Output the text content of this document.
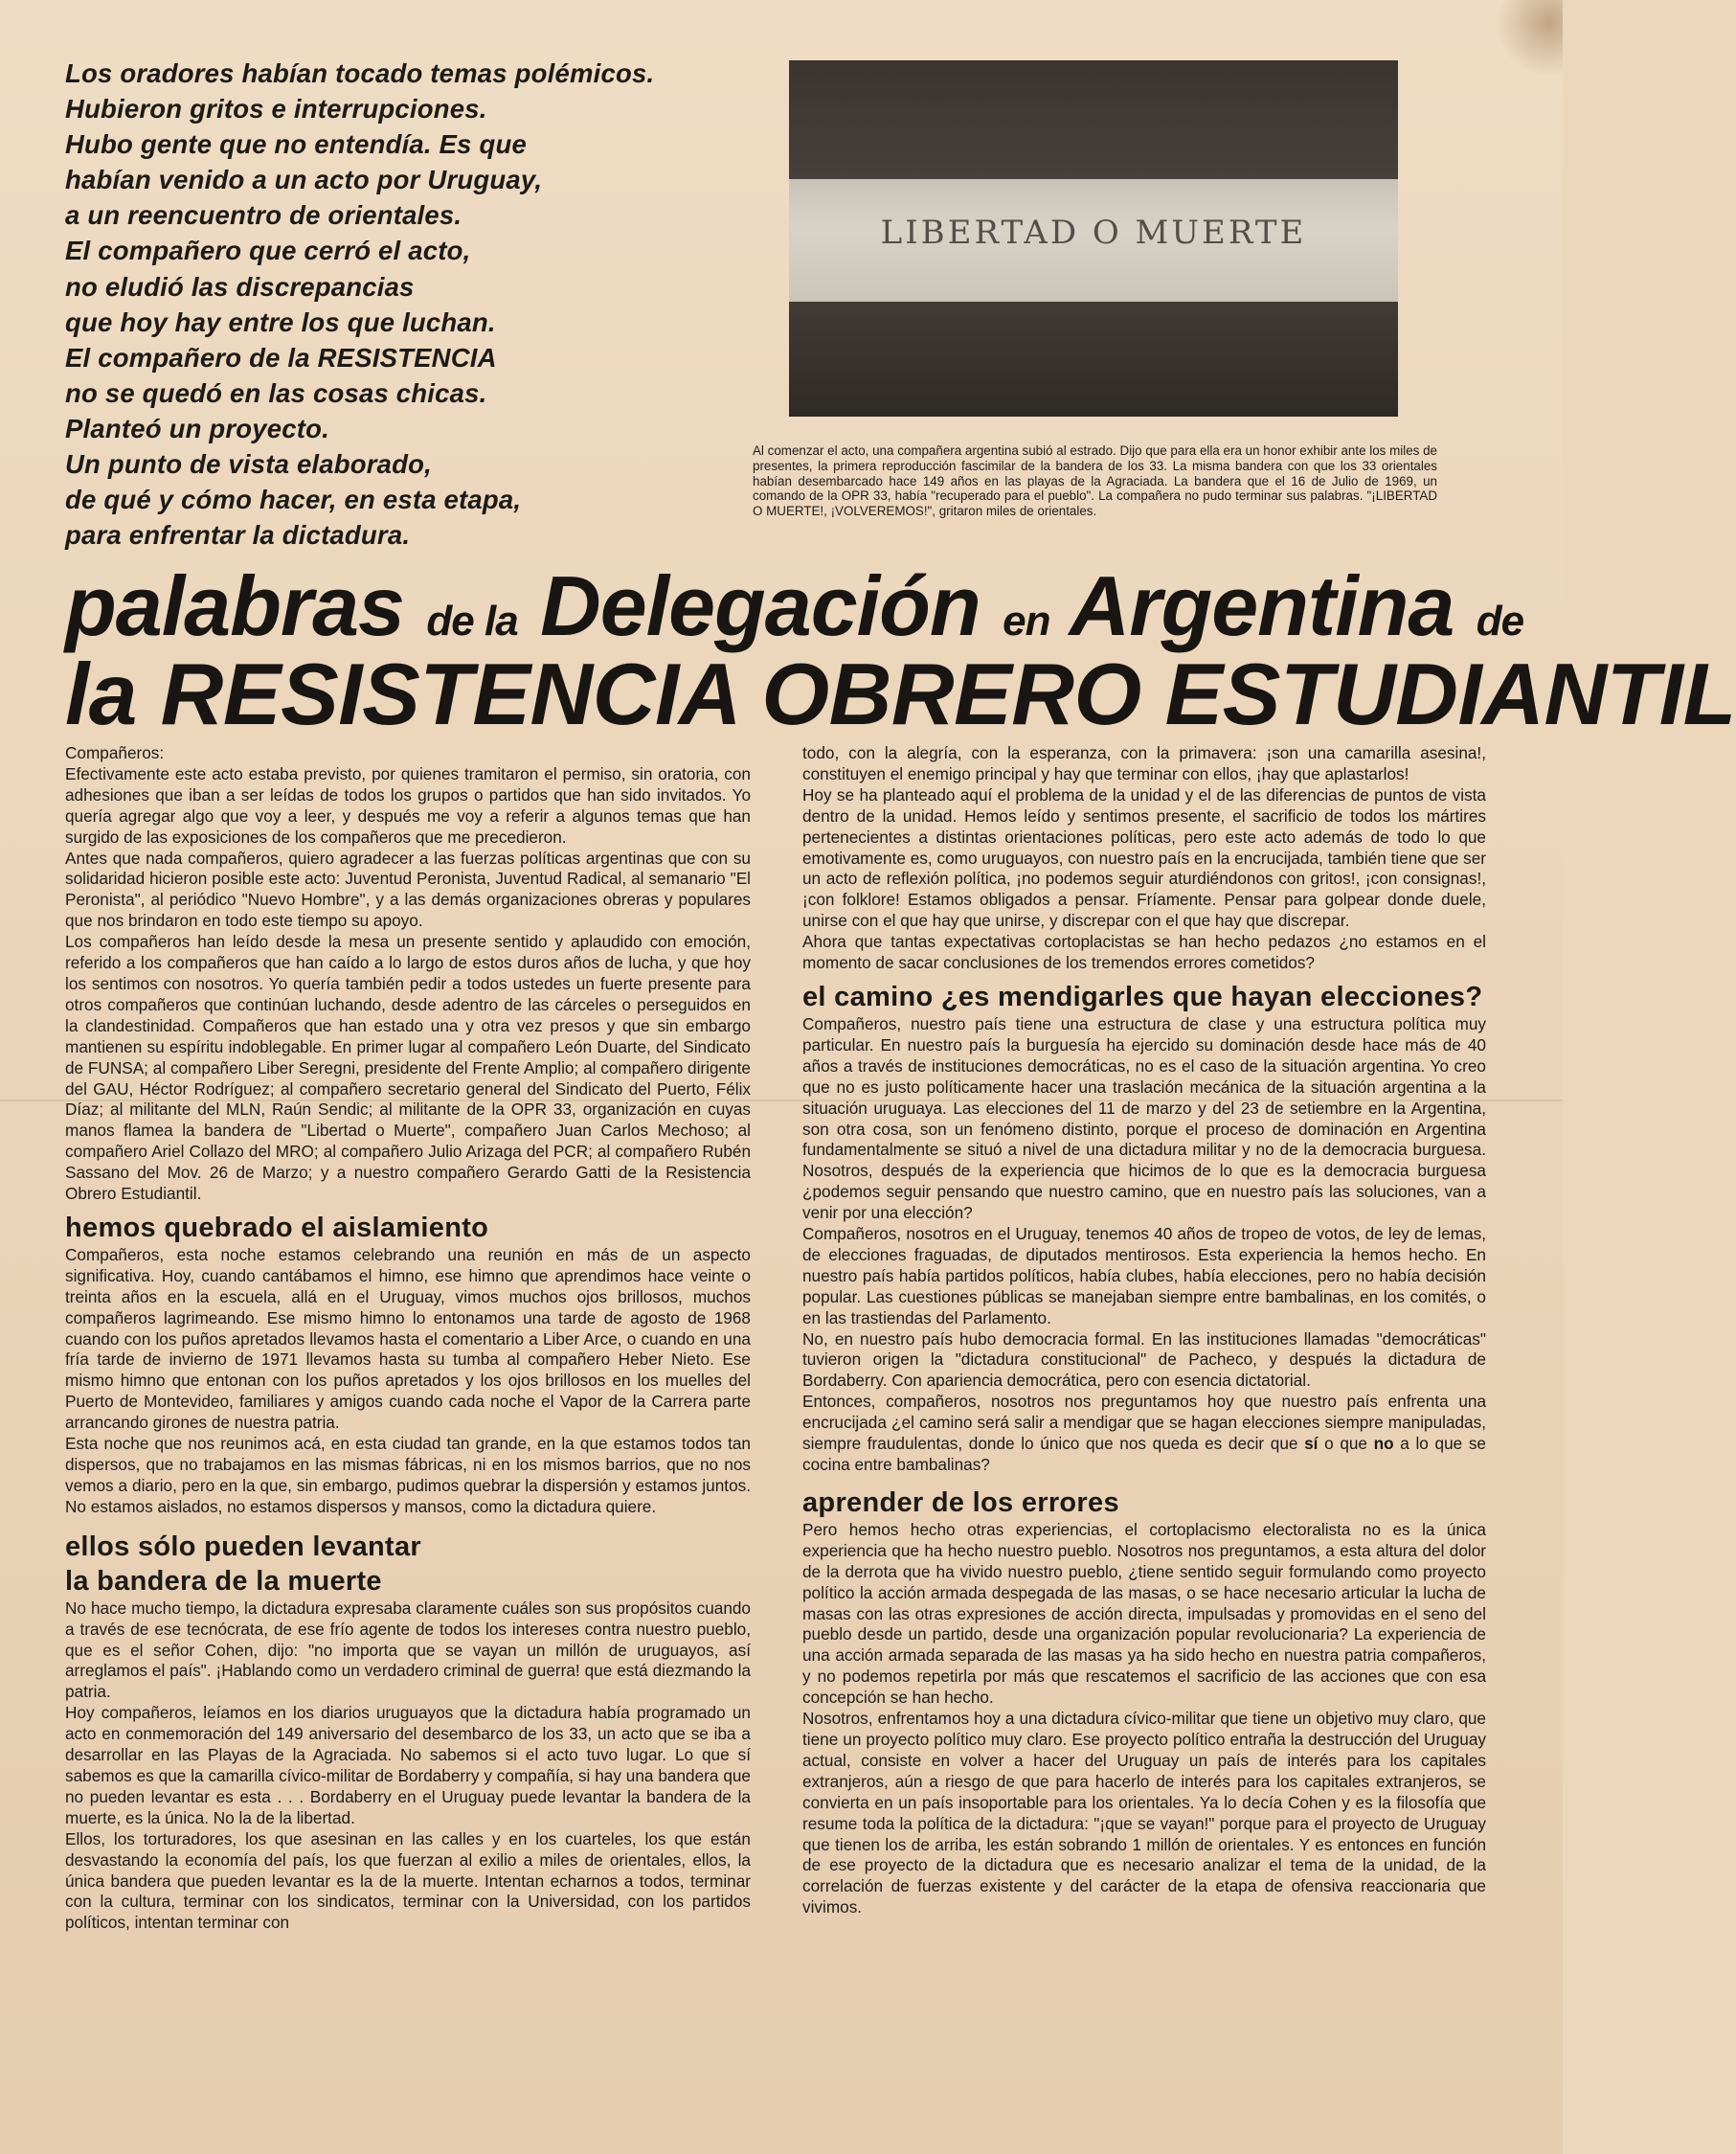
Los oradores habían tocado temas polémicos.
Hubieron gritos e interrupciones.
Hubo gente que no entendía. Es que
habían venido a un acto por Uruguay,
a un reencuentro de orientales.
El compañero que cerró el acto,
no eludió las discrepancias
que hoy hay entre los que luchan.
El compañero de la RESISTENCIA
no se quedó en las cosas chicas.
Planteó un proyecto.
Un punto de vista elaborado,
de qué y cómo hacer, en esta etapa,
para enfrentar la dictadura.
LIBERTAD O MUERTE
Al comenzar el acto, una compañera argentina subió al estrado. Dijo que para ella era un honor exhibir ante los miles de presentes, la primera reproducción fascimilar de la bandera de los 33. La misma bandera con que los 33 orientales habían desembarcado hace 149 años en las playas de la Agraciada. La bandera que el 16 de Julio de 1969, un comando de la OPR 33, había "recuperado para el pueblo". La compañera no pudo terminar sus palabras. "¡LIBERTAD O MUERTE!, ¡VOLVEREMOS!", gritaron miles de orientales.
palabras de la Delegación en Argentina de
la RESISTENCIA OBRERO ESTUDIANTIL

Compañeros:

Efectivamente este acto estaba previsto, por quienes tramitaron el permiso, sin oratoria, con adhesiones que iban a ser leídas de todos los grupos o partidos que han sido invitados. Yo quería agregar algo que voy a leer, y después me voy a referir a algunos temas que han surgido de las exposiciones de los compañeros que me precedieron.

Antes que nada compañeros, quiero agradecer a las fuerzas políticas argentinas que con su solidaridad hicieron posible este acto: Juventud Peronista, Juventud Radical, al semanario "El Peronista", al periódico "Nuevo Hombre", y a las demás organizaciones obreras y populares que nos brindaron en todo este tiempo su apoyo.

Los compañeros han leído desde la mesa un presente sentido y aplaudido con emoción, referido a los compañeros que han caído a lo largo de estos duros años de lucha, y que hoy los sentimos con nosotros. Yo quería también pedir a todos ustedes un fuerte presente para otros compañeros que continúan luchando, desde adentro de las cárceles o perseguidos en la clandestinidad. Compañeros que han estado una y otra vez presos y que sin embargo mantienen su espíritu indoblegable. En primer lugar al compañero León Duarte, del Sindicato de FUNSA; al compañero Liber Seregni, presidente del Frente Amplio; al compañero dirigente del GAU, Héctor Rodríguez; al compañero secretario general del Sindicato del Puerto, Félix Díaz; al militante del MLN, Raún Sendic; al militante de la OPR 33, organización en cuyas manos flamea la bandera de "Libertad o Muerte", compañero Juan Carlos Mechoso; al compañero Ariel Collazo del MRO; al compañero Julio Arizaga del PCR; al compañero Rubén Sassano del Mov. 26 de Marzo; y a nuestro compañero Gerardo Gatti de la Resistencia Obrero Estudiantil.

hemos quebrado el aislamiento

Compañeros, esta noche estamos celebrando una reunión en más de un aspecto significativa. Hoy, cuando cantábamos el himno, ese himno que aprendimos hace veinte o treinta años en la escuela, allá en el Uruguay, vimos muchos ojos brillosos, muchos compañeros lagrimeando. Ese mismo himno lo entonamos una tarde de agosto de 1968 cuando con los puños apretados llevamos hasta el comentario a Liber Arce, o cuando en una fría tarde de invierno de 1971 llevamos hasta su tumba al compañero Heber Nieto. Ese mismo himno que entonan con los puños apretados y los ojos brillosos en los muelles del Puerto de Montevideo, familiares y amigos cuando cada noche el Vapor de la Carrera parte arrancando girones de nuestra patria.

Esta noche que nos reunimos acá, en esta ciudad tan grande, en la que estamos todos tan dispersos, que no trabajamos en las mismas fábricas, ni en los mismos barrios, que no nos vemos a diario, pero en la que, sin embargo, pudimos quebrar la dispersión y estamos juntos. No estamos aislados, no estamos dispersos y mansos, como la dictadura quiere.

ellos sólo pueden levantar
la bandera de la muerte

No hace mucho tiempo, la dictadura expresaba claramente cuáles son sus propósitos cuando a través de ese tecnócrata, de ese frío agente de todos los intereses contra nuestro pueblo, que es el señor Cohen, dijo: "no importa que se vayan un millón de uruguayos, así arreglamos el país". ¡Hablando como un verdadero criminal de guerra! que está diezmando la patria.

Hoy compañeros, leíamos en los diarios uruguayos que la dictadura había programado un acto en conmemoración del 149 aniversario del desembarco de los 33, un acto que se iba a desarrollar en las Playas de la Agraciada. No sabemos si el acto tuvo lugar. Lo que sí sabemos es que la camarilla cívico-militar de Bordaberry y compañía, si hay una bandera que no pueden levantar es esta . . . Bordaberry en el Uruguay puede levantar la bandera de la muerte, es la única. No la de la libertad.

Ellos, los torturadores, los que asesinan en las calles y en los cuarteles, los que están desvastando la economía del país, los que fuerzan al exilio a miles de orientales, ellos, la única bandera que pueden levantar es la de la muerte. Intentan echarnos a todos, terminar con la cultura, terminar con los sindicatos, terminar con la Universidad, con los partidos políticos, intentan terminar con

todo, con la alegría, con la esperanza, con la primavera: ¡son una camarilla asesina!, constituyen el enemigo principal y hay que terminar con ellos, ¡hay que aplastarlos!

Hoy se ha planteado aquí el problema de la unidad y el de las diferencias de puntos de vista dentro de la unidad. Hemos leído y sentimos presente, el sacrificio de todos los mártires pertenecientes a distintas orientaciones políticas, pero este acto además de todo lo que emotivamente es, como uruguayos, con nuestro país en la encrucijada, también tiene que ser un acto de reflexión política, ¡no podemos seguir aturdiéndonos con gritos!, ¡con consignas!, ¡con folklore! Estamos obligados a pensar. Fríamente. Pensar para golpear donde duele, unirse con el que hay que unirse, y discrepar con el que hay que discrepar.

Ahora que tantas expectativas cortoplacistas se han hecho pedazos ¿no estamos en el momento de sacar conclusiones de los tremendos errores cometidos?

el camino ¿es mendigarles que hayan elecciones?

Compañeros, nuestro país tiene una estructura de clase y una estructura política muy particular. En nuestro país la burguesía ha ejercido su dominación desde hace más de 40 años a través de instituciones democráticas, no es el caso de la situación argentina. Yo creo que no es justo políticamente hacer una traslación mecánica de la situación argentina a la situación uruguaya. Las elecciones del 11 de marzo y del 23 de setiembre en la Argentina, son otra cosa, son un fenómeno distinto, porque el proceso de dominación en Argentina fundamentalmente se situó a nivel de una dictadura militar y no de la democracia burguesa. Nosotros, después de la experiencia que hicimos de lo que es la democracia burguesa ¿podemos seguir pensando que nuestro camino, que en nuestro país las soluciones, van a venir por una elección?

Compañeros, nosotros en el Uruguay, tenemos 40 años de tropeo de votos, de ley de lemas, de elecciones fraguadas, de diputados mentirosos. Esta experiencia la hemos hecho. En nuestro país había partidos políticos, había clubes, había elecciones, pero no había decisión popular. Las cuestiones públicas se manejaban siempre entre bambalinas, en los comités, o en las trastiendas del Parlamento.

No, en nuestro país hubo democracia formal. En las instituciones llamadas "democráticas" tuvieron origen la "dictadura constitucional" de Pacheco, y después la dictadura de Bordaberry. Con apariencia democrática, pero con esencia dictatorial.

Entonces, compañeros, nosotros nos preguntamos hoy que nuestro país enfrenta una encrucijada ¿el camino será salir a mendigar que se hagan elecciones siempre manipuladas, siempre fraudulentas, donde lo único que nos queda es decir que sí o que no a lo que se cocina entre bambalinas?

aprender de los errores

Pero hemos hecho otras experiencias, el cortoplacismo electoralista no es la única experiencia que ha hecho nuestro pueblo. Nosotros nos preguntamos, a esta altura del dolor de la derrota que ha vivido nuestro pueblo, ¿tiene sentido seguir formulando como proyecto político la acción armada despegada de las masas, o se hace necesario articular la lucha de masas con las otras expresiones de acción directa, impulsadas y promovidas en el seno del pueblo desde un partido, desde una organización popular revolucionaria? La experiencia de una acción armada separada de las masas ya ha sido hecho en nuestra patria compañeros, y no podemos repetirla por más que rescatemos el sacrificio de las acciones que con esa concepción se han hecho.

Nosotros, enfrentamos hoy a una dictadura cívico-militar que tiene un objetivo muy claro, que tiene un proyecto político muy claro. Ese proyecto político entraña la destrucción del Uruguay actual, consiste en volver a hacer del Uruguay un país de interés para los capitales extranjeros, aún a riesgo de que para hacerlo de interés para los capitales extranjeros, se convierta en un país insoportable para los orientales. Ya lo decía Cohen y es la filosofía que resume toda la política de la dictadura: "¡que se vayan!" porque para el proyecto de Uruguay que tienen los de arriba, les están sobrando 1 millón de orientales. Y es entonces en función de ese proyecto de la dictadura que es necesario analizar el tema de la unidad, de la correlación de fuerzas existente y del carácter de la etapa de ofensiva reaccionaria que vivimos.
